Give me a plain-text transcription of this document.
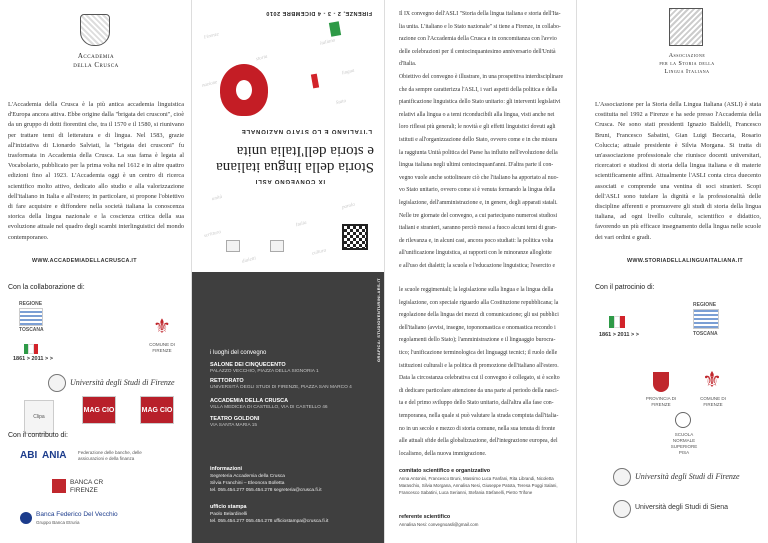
Accademia
della Crusca
L'Accademia della Crusca è la più antica accademia linguistica d'Europa ancora attiva. Ebbe origine dalla "brigata dei crusconi", cioè da un gruppo di dotti fiorentini che, tra il 1570 e il 1580, si riunivano per trattare temi di letteratura e di lingua. Nel 1583, grazie all'iniziativa di Lionardo Salviati, la "brigata dei crusconi" fu trasformata in Accademia della Crusca. La sua fama è legata al Vocabolario, pubblicato per la prima volta nel 1612 e in altre quattro edizioni fino al 1923. L'Accademia oggi è un centro di ricerca scientifico molto attivo, dedicato allo studio e alla valorizzazione dell'italiano in Italia e all'estero; in particolare, si propone l'obiettivo di fare acquisire e diffondere nella società italiana la conoscenza storica della lingua nazionale e la coscienza critica della sua evoluzione attuale nel quadro degli scambi interlinguistici del mondo contemporaneo.
WWW.ACCADEMIADELLACRUSCA.IT
Con la collaborazione di:
REGIONE
TOSCANA
1861 > 2011 > >
⚜
COMUNE DI FIRENZE
Università degli Studi di Firenze
Clipa
MAG CIO	MAG CIO
Con il contributo di:
ABI ANIA	Federazione delle banche, delle assicurazioni e della finanza
BANCA CR FIRENZE
Banca Federico Del Vecchio
Gruppo Banca Etruria
Firenze
italiano
storia
lingua
nazione
Stato
unità
parola
Italia
scrittura
cultura
dialetti
FIRENZE, 2 - 3 - 4 DICEMBRE 2010
e storia dell'Italia unita
Storia della lingua italiana
L'ITALIANO E LO STATO NAZIONALE
IX CONVEGNO ASLI
GRAFICA: STUDIOVENTURINI.ARS.IT
i luoghi del convegno
SALONE DEI CINQUECENTO
PALAZZO VECCHIO, PIAZZA DELLA SIGNORIA 1
RETTORATO
UNIVERSITÀ DEGLI STUDI DI FIRENZE, PIAZZA SAN MARCO 4
ACCADEMIA DELLA CRUSCA
VILLA MEDICEA DI CASTELLO, VIA DI CASTELLO 46
TEATRO GOLDONI
VIA SANTA MARIA 15
informazioni
Segreteria Accademia della Crusca
Silvia Franchini – Eleonora Bolletta
tel. 055.454.277 055.454.278 segreteria@crusca.fi.it
ufficio stampa
Paolo Belardinelli
tel. 055.454.277 055.454.278 ufficiostampa@crusca.fi.it
Il IX convegno dell'ASLI "Storia della lingua italiana e storia dell'Ita-
lia unita. L'italiano e lo Stato nazionale" si tiene a Firenze, in collabo-
razione con l'Accademia della Crusca e in concomitanza con l'avvio
delle celebrazioni per il centocinquantesimo anniversario dell'Unità
d'Italia.
Obiettivo del convegno è illustrare, in una prospettiva interdisciplinare
che da sempre caratterizza l'ASLI, i vari aspetti della politica e della
pianificazione linguistica dello Stato unitario: gli interventi legislativi
relativi alla lingua o a temi riconducibili alla lingua, visti anche nei
loro riflessi più generali; le novità e gli effetti linguistici dovuti agli
istituti e all'organizzazione dello Stato, ovvero come e in che misura
la raggiunta Unità politica del Paese ha influito nell'evoluzione della
lingua italiana negli ultimi centocinquant'anni. D'altra parte il con-
vegno vuole anche sottolineare ciò che l'italiano ha apportato al nuo-
vo Stato unitario, ovvero come si è venuta formando la lingua della
legislazione, dell'amministrazione e, in genere, degli apparati statali.
Nelle tre giornate del convegno, a cui partecipano numerosi studiosi
italiani e stranieri, saranno perciò messi a fuoco alcuni temi di gran-
de rilevanza e, in alcuni casi, ancora poco studiati: la politica volta
all'unificazione linguistica, ai rapporti con le minoranze alloglotte
e all'uso dei dialetti; la scuola e l'educazione linguistica; l'esercito e
le scuole reggimentali; la legislazione sulla lingua e la lingua della
legislazione, con speciale riguardo alla Costituzione repubblicana; la
regolazione della lingua dei mezzi di comunicazione; gli usi pubblici
dell'italiano (avvisi, insegne, toponomastica e onomastica recondo i
regolamenti dello Stato); l'amministrazione e il linguaggio burocra-
tico; l'unificazione terminologica dei linguaggi tecnici; il ruolo delle
istituzioni culturali e la politica di promozione dell'italiano all'estero.
Data la circostanza celebrativa cui il convegno è collegato, si è scelto
di dedicare particolare attenzione da una parte al periodo della nasci-
ta e del primo sviluppo dello Stato unitario, dall'altra alla fase con-
temporanea, nella quale si può valutare la strada compiuta dall'italia-
no in un secolo e mezzo di storia comune, nella sua tenuta di fronte
alle attuali sfide della globalizzazione, dell'integrazione europea, del
localismo, della nuova immigrazione.
comitato scientifico e organizzativo
Anna Antonini, Francesco Bruni, Massimo Luca Fanfani, Rita Librandi, Nicoletta Maraschio, Silvia Morgana, Annalisa Nesi, Giuseppe Patota, Teresa Poggi Salani, Francesco Sabatini, Luca Serianni, Stefania Stefanelli, Pietro Trifone
referente scientifico
Annalisa Nesi: convegnoasli@gmail.com
Associazione
per la Storia della
Lingua Italiana
L'Associazione per la Storia della Lingua Italiana (ASLI) è stata costituita nel 1992 a Firenze e ha sede presso l'Accademia della Crusca. Ne sono stati presidenti Ignazio Baldelli, Francesco Bruni, Francesco Sabatini, Gian Luigi Beccaria, Rosario Coluccia; attuale presidente è Silvia Morgana. Si tratta di un'associazione professionale che riunisce docenti universitari, ricercatori e studiosi di storia della lingua italiana e di materie scientificamente affini. Attualmente l'ASLI conta circa duecento associati e comprende una ventina di soci stranieri. Scopi dell'ASLI sono tutelare la dignità e la professionalità delle discipline afferenti e promuovere gli studi di storia della lingua italiana, ad ogni livello culturale, scientifico e didattico, favorendo un più efficace insegnamento della lingua nelle scuole dei vari ordini e gradi.
WWW.STORIADELLALINGUAITALIANA.IT
Con il patrocinio di:
1861 > 2011 > >
REGIONE
TOSCANA
PROVINCIA DI FIRENZE
⚜
COMUNE DI FIRENZE
SCUOLA NORMALE SUPERIORE PISA
Università degli Studi di Firenze
Università degli Studi di Siena
